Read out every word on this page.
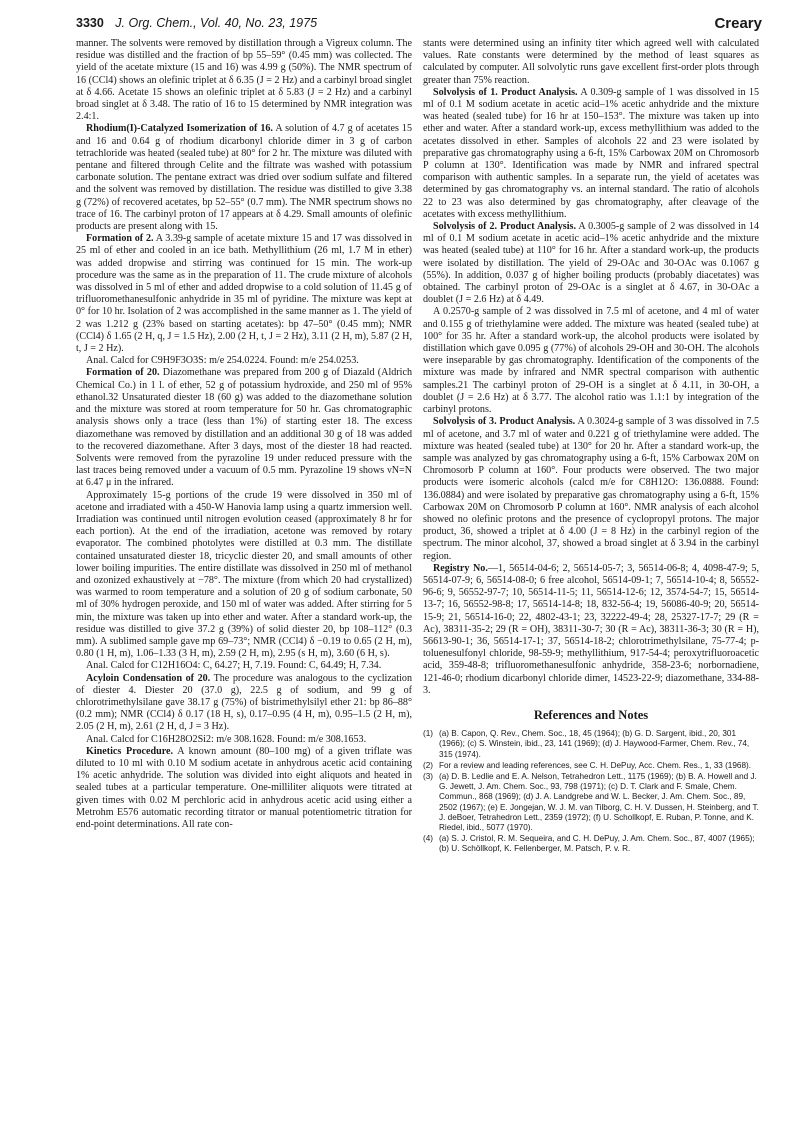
3330 J. Org. Chem., Vol. 40, No. 23, 1975	Creary

manner. The solvents were removed by distillation through a Vigreux column. The residue was distilled and the fraction of bp 55–59° (0.45 mm) was collected. The yield of the acetate mixture (15 and 16) was 4.99 g (50%). The NMR spectrum of 16 (CCl4) shows an olefinic triplet at δ 6.35 (J = 2 Hz) and a carbinyl broad singlet at δ 4.66. Acetate 15 shows an olefinic triplet at δ 5.83 (J = 2 Hz) and a carbinyl broad singlet at δ 3.48. The ratio of 16 to 15 determined by NMR integration was 2.4:1.

Rhodium(I)-Catalyzed Isomerization of 16. A solution of 4.7 g of acetates 15 and 16 and 0.64 g of rhodium dicarbonyl chloride dimer in 3 g of carbon tetrachloride was heated (sealed tube) at 80° for 2 hr. The mixture was diluted with pentane and filtered through Celite and the filtrate was washed with potassium carbonate solution. The pentane extract was dried over sodium sulfate and filtered and the solvent was removed by distillation. The residue was distilled to give 3.38 g (72%) of recovered acetates, bp 52–55° (0.7 mm). The NMR spectrum shows no trace of 16. The carbinyl proton of 17 appears at δ 4.29. Small amounts of olefinic products are present along with 15.

Formation of 2. A 3.39-g sample of acetate mixture 15 and 17 was dissolved in 25 ml of ether and cooled in an ice bath. Methyllithium (26 ml, 1.7 M in ether) was added dropwise and stirring was continued for 15 min. The work-up procedure was the same as in the preparation of 11. The crude mixture of alcohols was dissolved in 5 ml of ether and added dropwise to a cold solution of 11.45 g of trifluoromethanesulfonic anhydride in 35 ml of pyridine. The mixture was kept at 0° for 10 hr. Isolation of 2 was accomplished in the same manner as 1. The yield of 2 was 1.212 g (23% based on starting acetates): bp 47–50° (0.45 mm); NMR (CCl4) δ 1.65 (2 H, q, J = 1.5 Hz), 2.00 (2 H, t, J = 2 Hz), 3.11 (2 H, m), 5.87 (2 H, t, J = 2 Hz).

Anal. Calcd for C9H9F3O3S: m/e 254.0224. Found: m/e 254.0253.

Formation of 20. Diazomethane was prepared from 200 g of Diazald (Aldrich Chemical Co.) in 1 l. of ether, 52 g of potassium hydroxide, and 250 ml of 95% ethanol.32 Unsaturated diester 18 (60 g) was added to the diazomethane solution and the mixture was stored at room temperature for 50 hr. Gas chromatographic analysis shows only a trace (less than 1%) of starting ester 18. The excess diazomethane was removed by distillation and an additional 30 g of 18 was added to the recovered diazomethane. After 3 days, most of the diester 18 had reacted. Solvents were removed from the pyrazoline 19 under reduced pressure with the last traces being removed under a vacuum of 0.5 mm. Pyrazoline 19 shows νN=N at 6.47 μ in the infrared.

Approximately 15-g portions of the crude 19 were dissolved in 350 ml of acetone and irradiated with a 450-W Hanovia lamp using a quartz immersion well. Irradiation was continued until nitrogen evolution ceased (approximately 8 hr for each portion). At the end of the irradiation, acetone was removed by rotary evaporator. The combined photolytes were distilled at 0.3 mm. The distillate contained unsaturated diester 18, tricyclic diester 20, and small amounts of other lower boiling impurities. The entire distillate was dissolved in 250 ml of methanol and ozonized exhaustively at −78°. The mixture (from which 20 had crystallized) was warmed to room temperature and a solution of 20 g of sodium carbonate, 50 ml of 30% hydrogen peroxide, and 150 ml of water was added. After stirring for 5 min, the mixture was taken up into ether and water. After a standard work-up, the residue was distilled to give 37.2 g (39%) of solid diester 20, bp 108–112° (0.3 mm). A sublimed sample gave mp 69–73°; NMR (CCl4) δ −0.19 to 0.65 (2 H, m), 0.80 (1 H, m), 1.06–1.33 (3 H, m), 2.59 (2 H, m), 2.95 (s H, m), 3.60 (6 H, s).

Anal. Calcd for C12H16O4: C, 64.27; H, 7.19. Found: C, 64.49; H, 7.34.

Acyloin Condensation of 20. The procedure was analogous to the cyclization of diester 4. Diester 20 (37.0 g), 22.5 g of sodium, and 99 g of chlorotrimethylsilane gave 38.17 g (75%) of bistrimethylsilyl ether 21: bp 86–88° (0.2 mm); NMR (CCl4) δ 0.17 (18 H, s), 0.17–0.95 (4 H, m), 0.95–1.5 (2 H, m), 2.05 (2 H, m), 2.61 (2 H, d, J = 3 Hz).

Anal. Calcd for C16H28O2Si2: m/e 308.1628. Found: m/e 308.1653.

Kinetics Procedure. A known amount (80–100 mg) of a given triflate was diluted to 10 ml with 0.10 M sodium acetate in anhydrous acetic acid containing 1% acetic anhydride. The solution was divided into eight aliquots and heated in sealed tubes at a particular temperature. One-milliliter aliquots were titrated at given times with 0.02 M perchloric acid in anhydrous acetic acid using either a Metrohm E576 automatic recording titrator or manual potentiometric titration for end-point determinations. All rate con-

stants were determined using an infinity titer which agreed well with calculated values. Rate constants were determined by the method of least squares as calculated by computer. All solvolytic runs gave excellent first-order plots through greater than 75% reaction.

Solvolysis of 1. Product Analysis. A 0.309-g sample of 1 was dissolved in 15 ml of 0.1 M sodium acetate in acetic acid–1% acetic anhydride and the mixture was heated (sealed tube) for 16 hr at 150–153°. The mixture was taken up into ether and water. After a standard work-up, excess methyllithium was added to the acetates dissolved in ether. Samples of alcohols 22 and 23 were isolated by preparative gas chromatography using a 6-ft, 15% Carbowax 20M on Chromosorb P column at 130°. Identification was made by NMR and infrared spectral comparison with authentic samples. In a separate run, the yield of acetates was determined by gas chromatography vs. an internal standard. The ratio of alcohols 22 to 23 was also determined by gas chromatography, after cleavage of the acetates with excess methyllithium.

Solvolysis of 2. Product Analysis. A 0.3005-g sample of 2 was dissolved in 14 ml of 0.1 M sodium acetate in acetic acid–1% acetic anhydride and the mixture was heated (sealed tube) at 110° for 16 hr. After a standard work-up, the products were isolated by distillation. The yield of 29-OAc and 30-OAc was 0.1067 g (55%). In addition, 0.037 g of higher boiling products (probably diacetates) was obtained. The carbinyl proton of 29-OAc is a singlet at δ 4.67, in 30-OAc a doublet (J = 2.6 Hz) at δ 4.49.

A 0.2570-g sample of 2 was dissolved in 7.5 ml of acetone, and 4 ml of water and 0.155 g of triethylamine were added. The mixture was heated (sealed tube) at 100° for 35 hr. After a standard work-up, the alcohol products were isolated by distillation which gave 0.095 g (77%) of alcohols 29-OH and 30-OH. The alcohols were inseparable by gas chromatography. Identification of the components of the mixture was made by infrared and NMR spectral comparison with authentic samples.21 The carbinyl proton of 29-OH is a singlet at δ 4.11, in 30-OH, a doublet (J = 2.6 Hz) at δ 3.77. The alcohol ratio was 1.1:1 by integration of the carbinyl protons.

Solvolysis of 3. Product Analysis. A 0.3024-g sample of 3 was dissolved in 7.5 ml of acetone, and 3.7 ml of water and 0.221 g of triethylamine were added. The mixture was heated (sealed tube) at 130° for 20 hr. After a standard work-up, the sample was analyzed by gas chromatography using a 6-ft, 15% Carbowax 20M on Chromosorb P column at 160°. Four products were observed. The two major products were isomeric alcohols (calcd m/e for C8H12O: 136.0888. Found: 136.0884) and were isolated by preparative gas chromatography using a 6-ft, 15% Carbowax 20M on Chromosorb P column at 160°. NMR analysis of each alcohol showed no olefinic protons and the presence of cyclopropyl protons. The major product, 36, showed a triplet at δ 4.00 (J = 8 Hz) in the carbinyl region of the spectrum. The minor alcohol, 37, showed a broad singlet at δ 3.94 in the carbinyl region.

Registry No.—1, 56514-04-6; 2, 56514-05-7; 3, 56514-06-8; 4, 4098-47-9; 5, 56514-07-9; 6, 56514-08-0; 6 free alcohol, 56514-09-1; 7, 56514-10-4; 8, 56552-96-6; 9, 56552-97-7; 10, 56514-11-5; 11, 56514-12-6; 12, 3574-54-7; 15, 56514-13-7; 16, 56552-98-8; 17, 56514-14-8; 18, 832-56-4; 19, 56086-40-9; 20, 56514-15-9; 21, 56514-16-0; 22, 4802-43-1; 23, 32222-49-4; 28, 25327-17-7; 29 (R = Ac), 38311-35-2; 29 (R = OH), 38311-30-7; 30 (R = Ac), 38311-36-3; 30 (R = H), 56613-90-1; 36, 56514-17-1; 37, 56514-18-2; chlorotrimethylsilane, 75-77-4; p-toluenesulfonyl chloride, 98-59-9; methyllithium, 917-54-4; peroxytrifluoroacetic acid, 359-48-8; trifluoromethanesulfonic anhydride, 358-23-6; norbornadiene, 121-46-0; rhodium dicarbonyl chloride dimer, 14523-22-9; diazomethane, 334-88-3.

References and Notes
(1) (a) B. Capon, Q. Rev., Chem. Soc., 18, 45 (1964); (b) G. D. Sargent, ibid., 20, 301 (1966); (c) S. Winstein, ibid., 23, 141 (1969); (d) J. Haywood-Farmer, Chem. Rev., 74, 315 (1974).
(2) For a review and leading references, see C. H. DePuy, Acc. Chem. Res., 1, 33 (1968).
(3) (a) D. B. Ledlie and E. A. Nelson, Tetrahedron Lett., 1175 (1969); (b) B. A. Howell and J. G. Jewett, J. Am. Chem. Soc., 93, 798 (1971); (c) D. T. Clark and F. Smale, Chem. Commun., 868 (1969); (d) J. A. Landgrebe and W. L. Becker, J. Am. Chem. Soc., 89, 2502 (1967); (e) E. Jongejan, W. J. M. van Tilborg, C. H. V. Dussen, H. Steinberg, and T. J. deBoer, Tetrahedron Lett., 2359 (1972); (f) U. Schollkopf, E. Ruban, P. Tonne, and K. Riedel, ibid., 5077 (1970).
(4) (a) S. J. Cristol, R. M. Sequeira, and C. H. DePuy, J. Am. Chem. Soc., 87, 4007 (1965); (b) U. Schöllkopf, K. Fellenberger, M. Patsch, P. v. R.
